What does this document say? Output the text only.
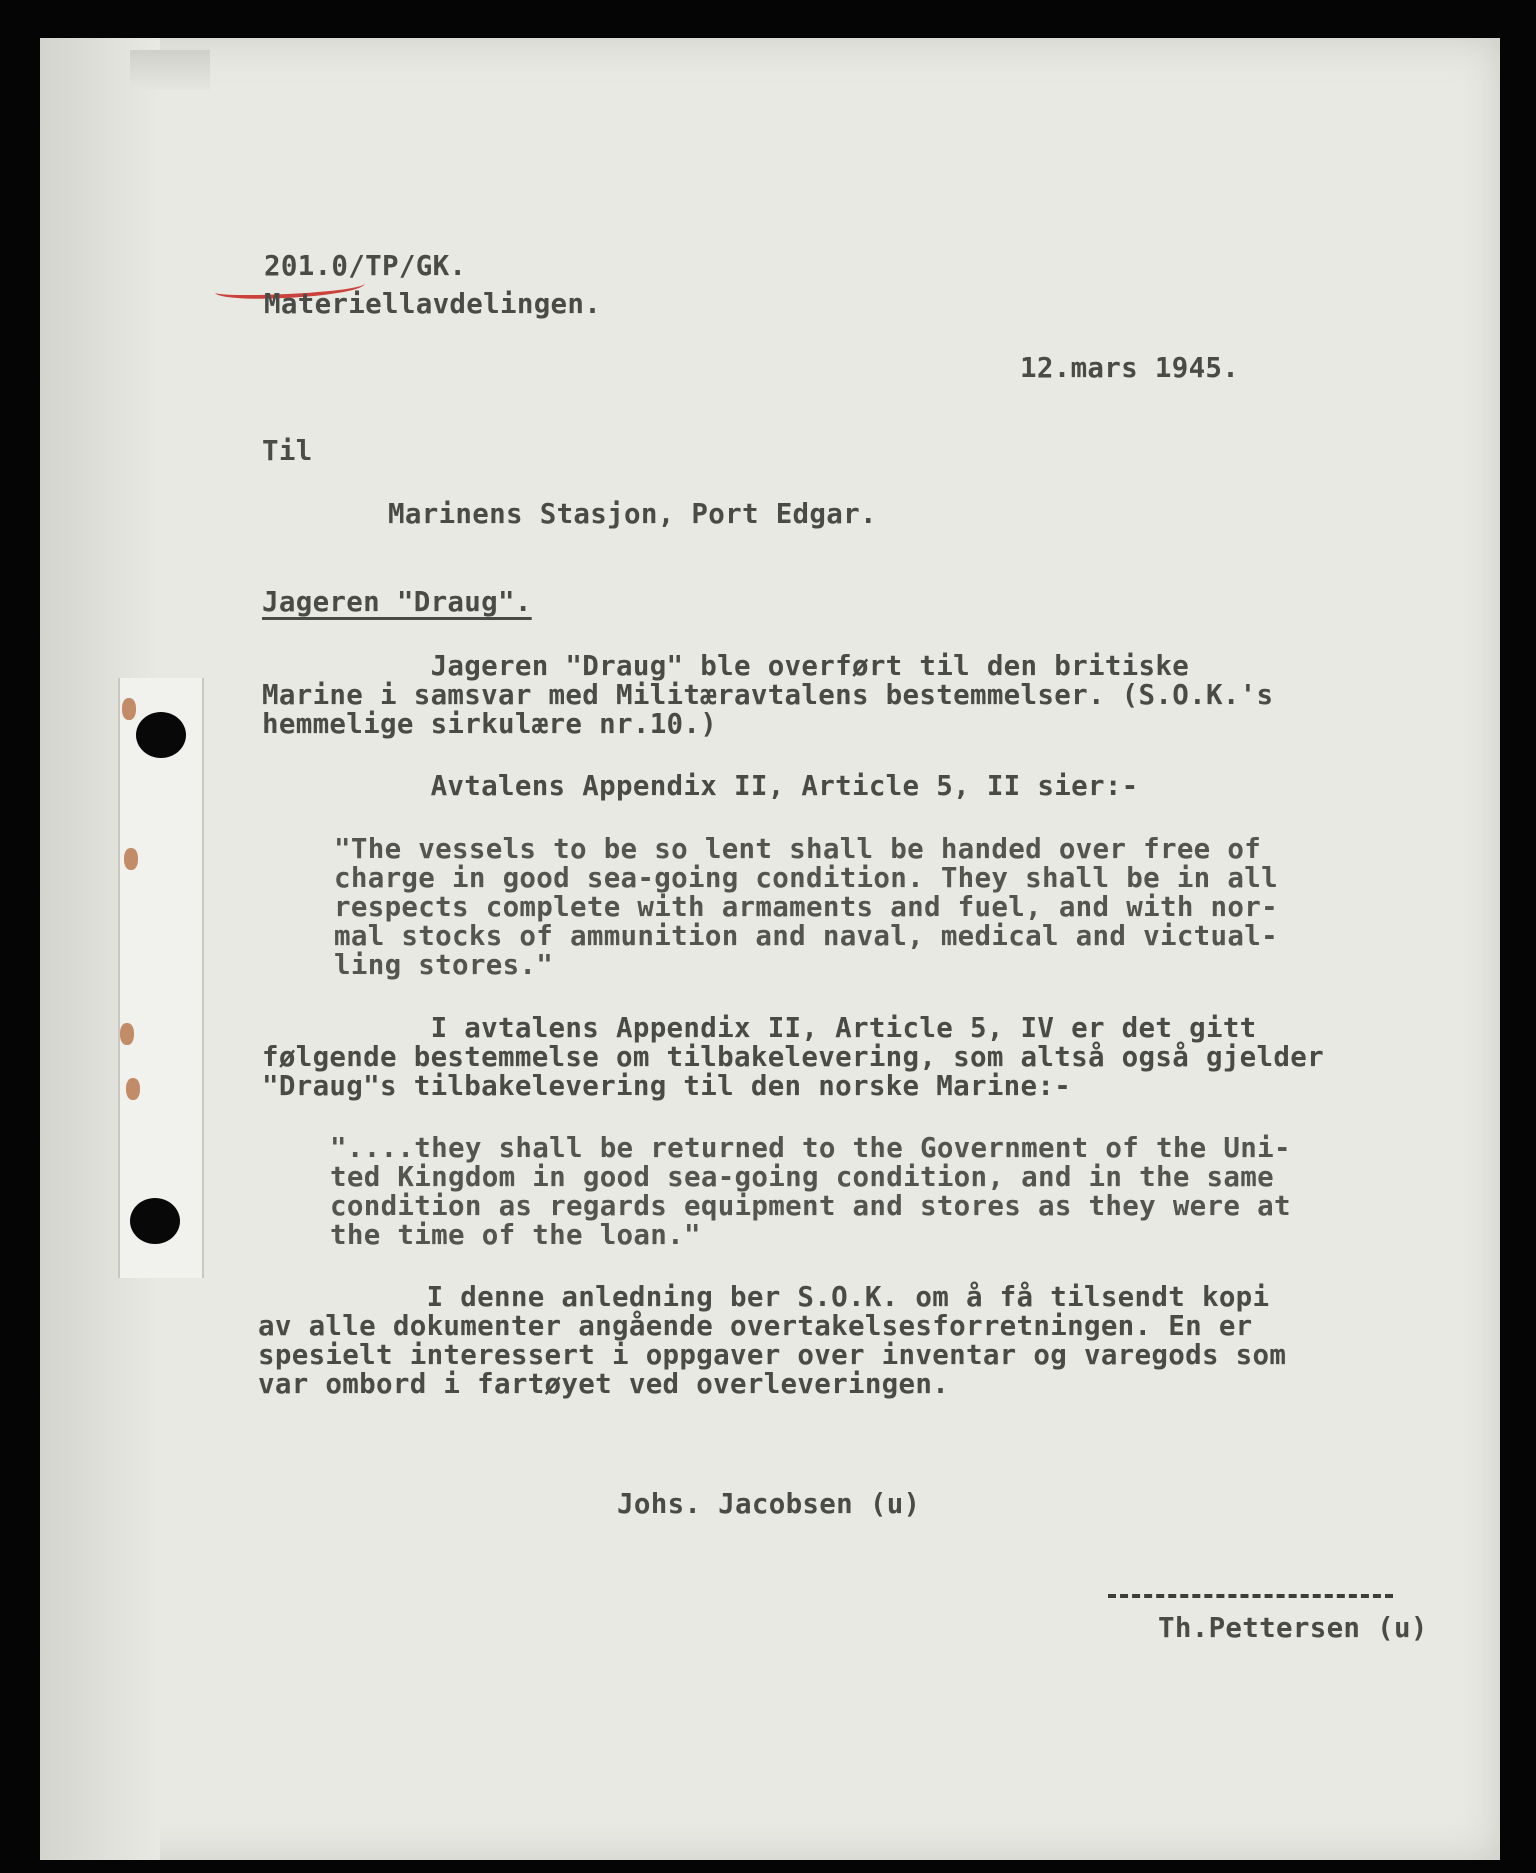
201.0/TP/GK.

Materiellavdelingen.

12.mars 1945.

Til

Marinens Stasjon, Port Edgar.

Jageren "Draug".

Jageren "Draug" ble overført til den britiske

Marine i samsvar med Militæravtalens bestemmelser. (S.O.K.'s

hemmelige sirkulære nr.10.)

Avtalens Appendix II, Article 5, II sier:-

"The vessels to be so lent shall be handed over free of

charge in good sea-going condition. They shall be in all

respects complete with armaments and fuel, and with nor-

mal stocks of ammunition and naval, medical and victual-

ling stores."

I avtalens Appendix II, Article 5, IV er det gitt

følgende bestemmelse om tilbakelevering, som altså også gjelder

"Draug"s tilbakelevering til den norske Marine:-

"....they shall be returned to the Government of the Uni-

ted Kingdom in good sea-going condition, and in the same

condition as regards equipment and stores as they were at

the time of the loan."

I denne anledning ber S.O.K. om å få tilsendt kopi

av alle dokumenter angående overtakelsesforretningen. En er

spesielt interessert i oppgaver over inventar og varegods som

var ombord i fartøyet ved overleveringen.

Johs. Jacobsen (u)

Th.Pettersen (u)
